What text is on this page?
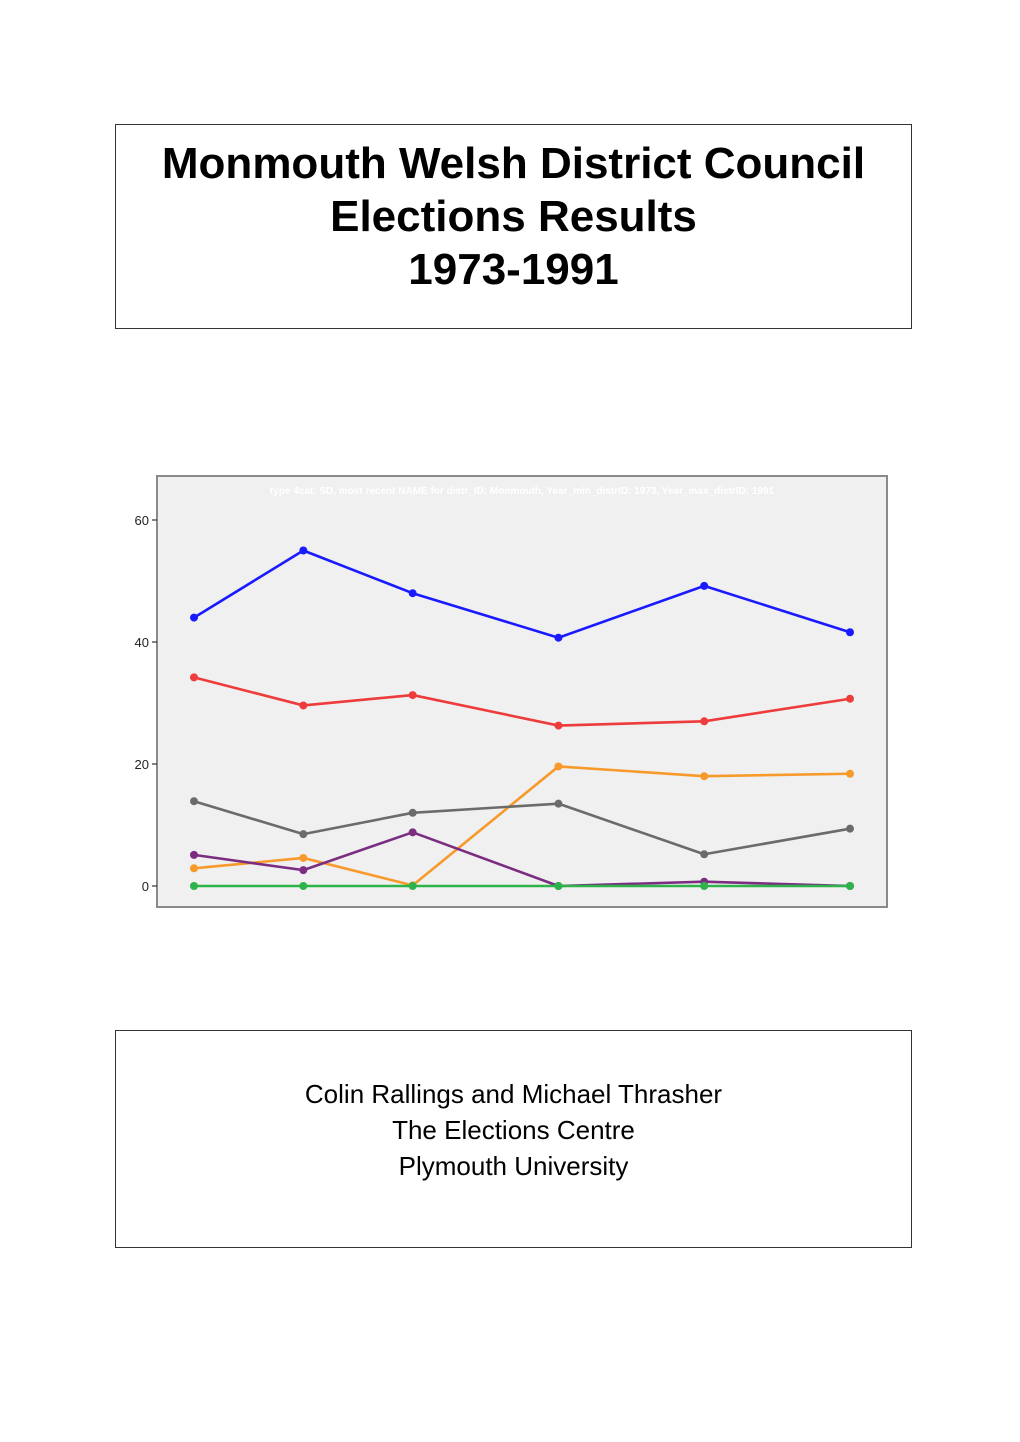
Monmouth Welsh District Council
Elections Results
1973-1991
type 4cat: SD, most recent NAME for distr_ID: Monmouth, Year_min_distrID: 1973, Year_max_distrID: 1991
0
20
40
60
Colin Rallings and Michael Thrasher
The Elections Centre
Plymouth University
